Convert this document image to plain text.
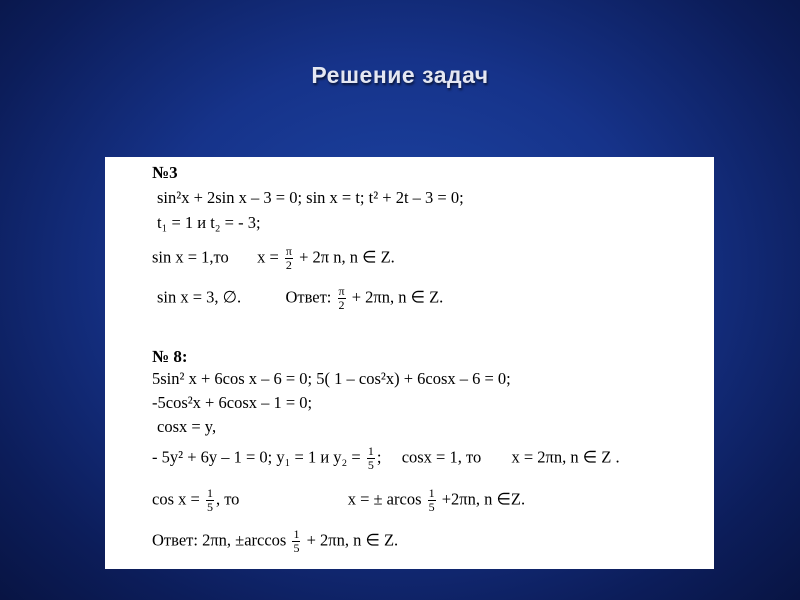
Решение задач
№3
sin²x + 2sin x – 3 = 0; sin x = t; t² + 2t – 3 = 0;
t₁ = 1 и t₂ = - 3;
sin x = 1,то $x = \frac{\pi}{2} + 2\pi$ n, n ∈ Z.
sin x = 3, ∅.	Ответ: $\frac{\pi}{2} + 2\pi n$, n ∈ Z.
№ 8:
5sin² x + 6cos x – 6 = 0; 5( 1 – cos²x) + 6cosx – 6 = 0;
-5cos²x + 6cosx – 1 = 0;
cosx = y,
- 5y² + 6y – 1 = 0; y₁ = 1 и $y_2 = \frac{1}{5}$ ; cosx = 1, то x = 2πn, n ∈ Z .
$\cos x = \frac{1}{5}$ , то	x = ± arcos $\frac{1}{5} +2\pi n$, n ∈Z.
Ответ: 2πn, $\pm\arccos \frac{1}{5} + 2\pi n$, n ∈ Z.
